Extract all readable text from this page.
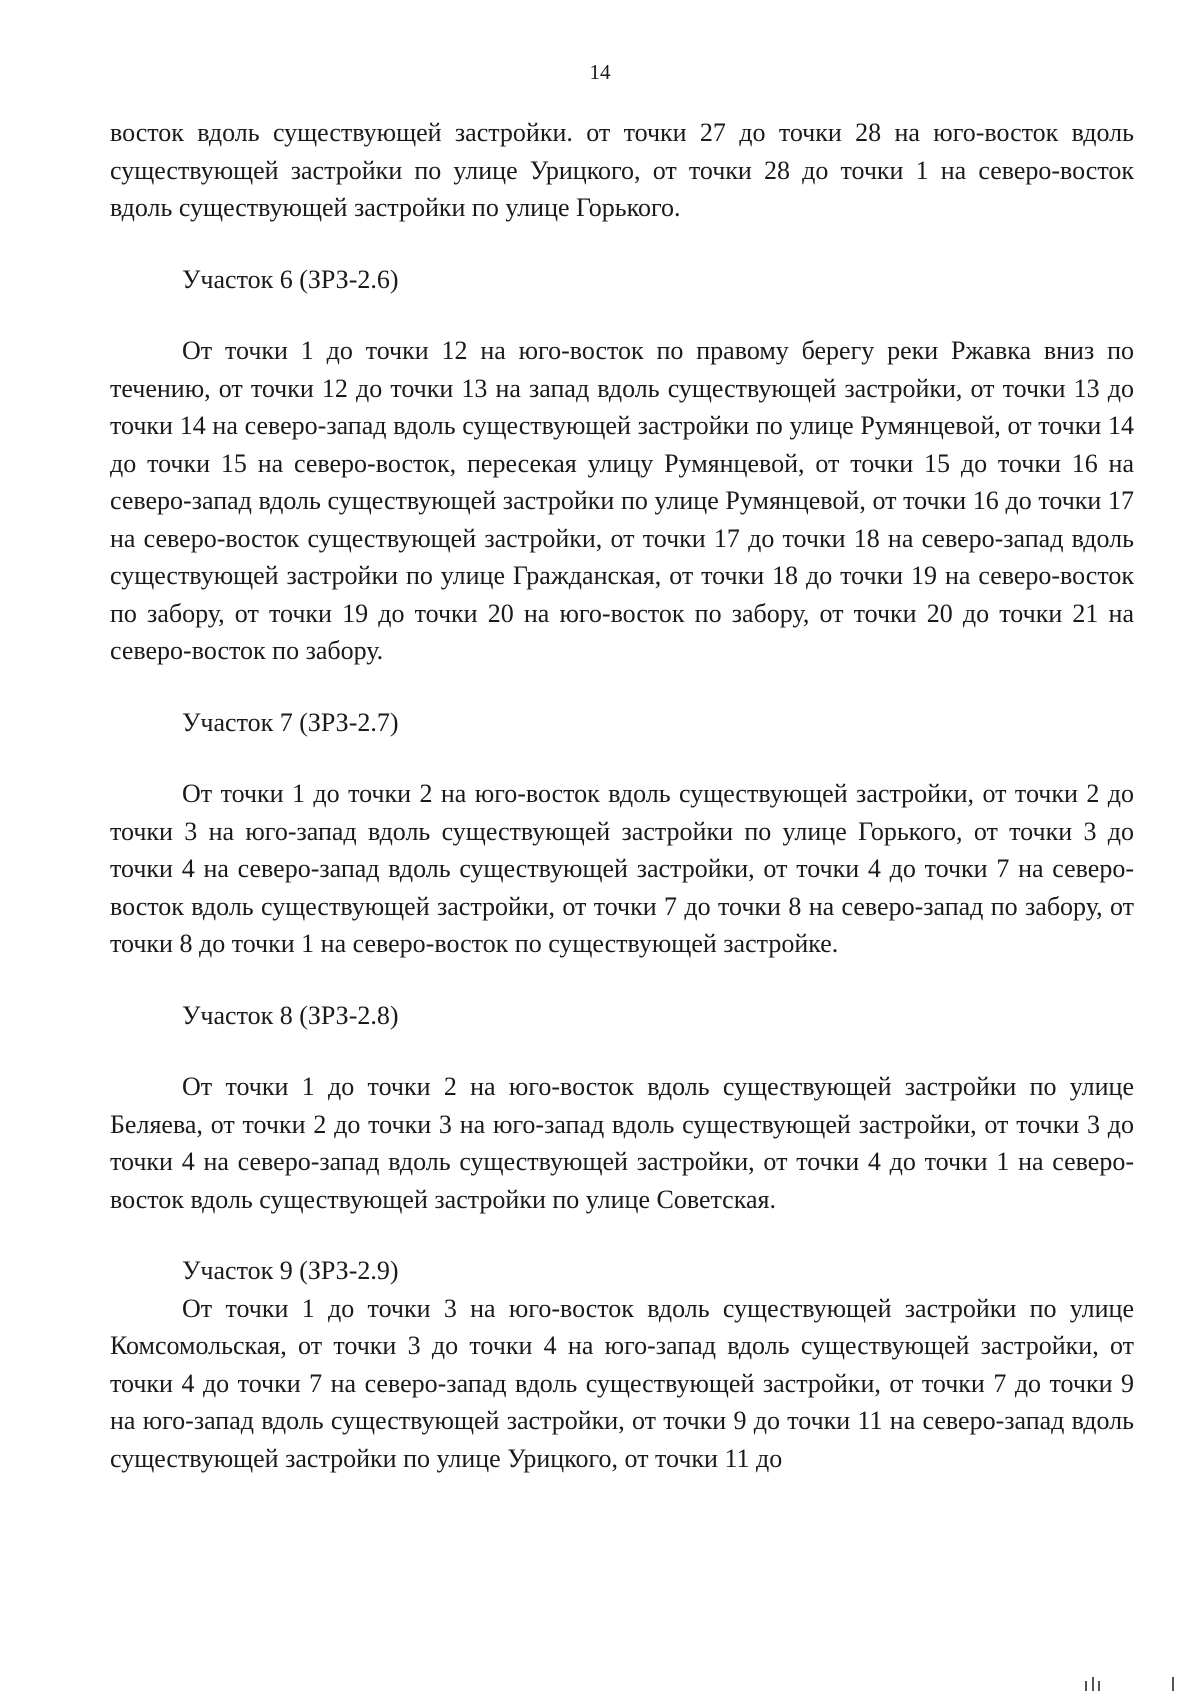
14

восток вдоль существующей застройки. от точки 27 до точки 28 на юго-восток вдоль существующей застройки по улице Урицкого, от точки 28 до точки 1 на северо-восток вдоль существующей застройки по улице Горького.

Участок 6 (ЗРЗ-2.6)

От точки 1 до точки 12 на юго-восток по правому берегу реки Ржавка вниз по течению, от точки 12 до точки 13 на запад вдоль существующей застройки, от точки 13 до точки 14 на северо-запад вдоль существующей застройки по улице Румянцевой, от точки 14 до точки 15 на северо-восток, пересекая улицу Румянцевой, от точки 15 до точки 16 на северо-запад вдоль существующей застройки по улице Румянцевой, от точки 16 до точки 17 на северо-восток существующей застройки, от точки 17 до точки 18 на северо-запад вдоль существующей застройки по улице Гражданская, от точки 18 до точки 19 на северо-восток по забору, от точки 19 до точки 20 на юго-восток по забору, от точки 20 до точки 21 на северо-восток по забору.

Участок 7 (ЗРЗ-2.7)

От точки 1 до точки 2 на юго-восток вдоль существующей застройки, от точки 2 до точки 3 на юго-запад вдоль существующей застройки по улице Горького, от точки 3 до точки 4 на северо-запад вдоль существующей застройки, от точки 4 до точки 7 на северо-восток вдоль существующей застройки, от точки 7 до точки 8 на северо-запад по забору, от точки 8 до точки 1 на северо-восток по существующей застройке.

Участок 8 (ЗРЗ-2.8)

От точки 1 до точки 2 на юго-восток вдоль существующей застройки по улице Беляева, от точки 2 до точки 3 на юго-запад вдоль существующей застройки, от точки 3 до точки 4 на северо-запад вдоль существующей застройки, от точки 4 до точки 1 на северо-восток вдоль существующей застройки по улице Советская.

Участок 9 (ЗРЗ-2.9)

От точки 1 до точки 3 на юго-восток вдоль существующей застройки по улице Комсомольская, от точки 3 до точки 4 на юго-запад вдоль существующей застройки, от точки 4 до точки 7 на северо-запад вдоль существующей застройки, от точки 7 до точки 9 на юго-запад вдоль существующей застройки, от точки 9 до точки 11 на северо-запад вдоль существующей застройки по улице Урицкого, от точки 11 до
